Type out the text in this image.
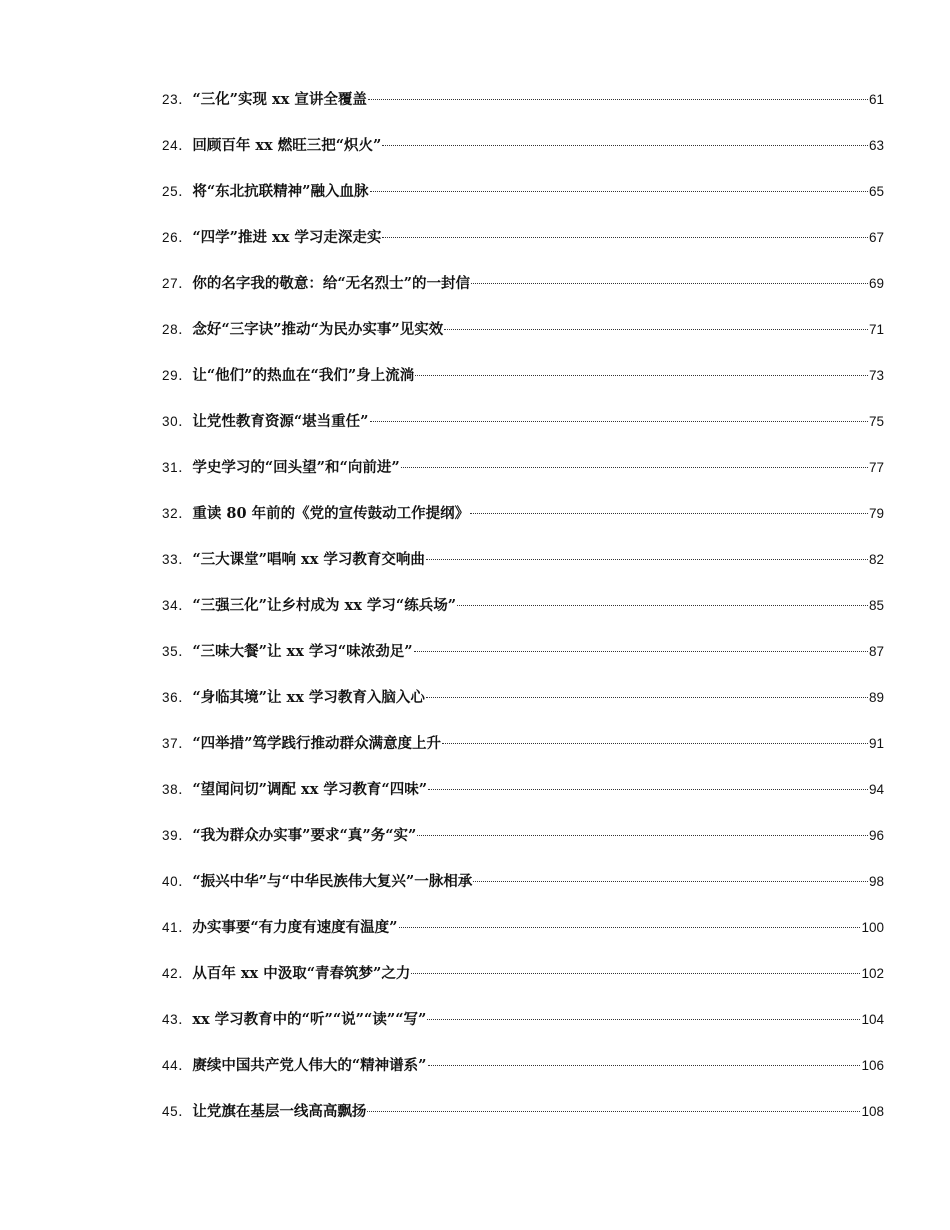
23． “三化”实现 xx 宣讲全覆盖	61
24． 回顾百年 xx 燃旺三把“炽火”	63
25． 将“东北抗联精神”融入血脉	65
26． “四学”推进 xx 学习走深走实	67
27． 你的名字我的敬意：给“无名烈士”的一封信	69
28． 念好“三字诀”推动“为民办实事”见实效	71
29． 让“他们”的热血在“我们”身上流淌	73
30． 让党性教育资源“堪当重任”	75
31． 学史学习的“回头望”和“向前进”	77
32． 重读 80 年前的《党的宣传鼓动工作提纲》	79
33． “三大课堂”唱响 xx 学习教育交响曲	82
34． “三强三化”让乡村成为 xx 学习“练兵场”	85
35． “三味大餐”让 xx 学习“味浓劲足”	87
36． “身临其境”让 xx 学习教育入脑入心	89
37． “四举措”笃学践行推动群众满意度上升	91
38． “望闻问切”调配 xx 学习教育“四味”	94
39． “我为群众办实事”要求“真”务“实”	96
40． “振兴中华”与“中华民族伟大复兴”一脉相承	98
41． 办实事要“有力度有速度有温度”	100
42． 从百年 xx 中汲取“青春筑梦”之力	102
43． xx 学习教育中的“听”“说”“读”“写”	104
44． 赓续中国共产党人伟大的“精神谱系”	106
45． 让党旗在基层一线高高飘扬	108
